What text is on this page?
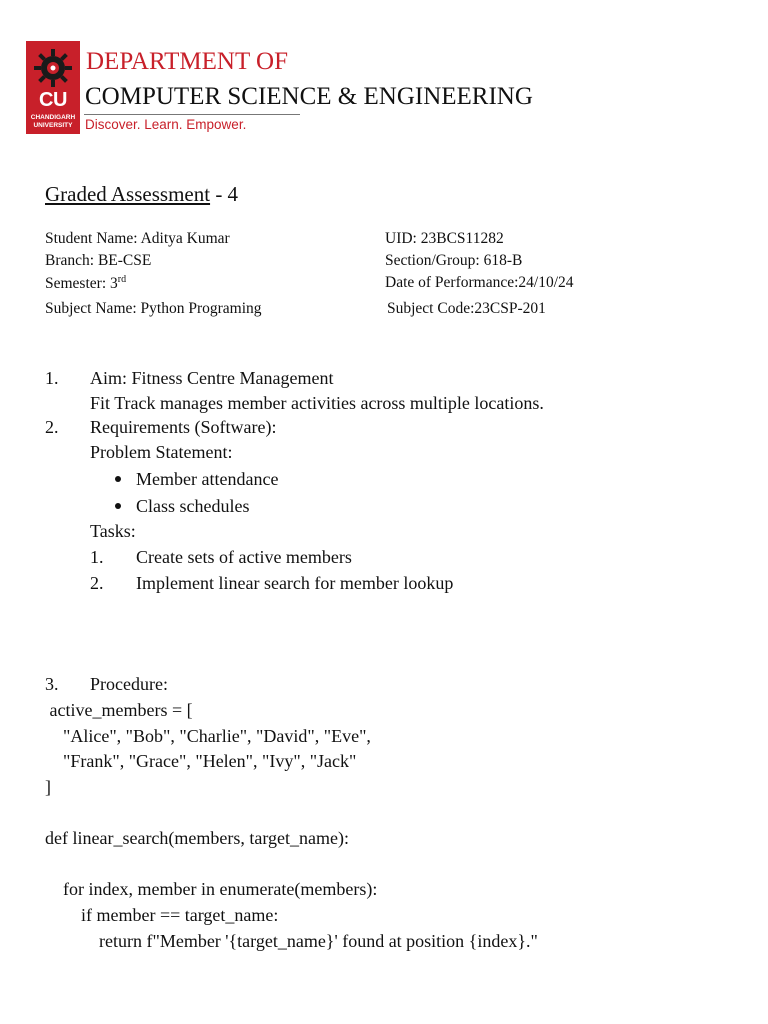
CU
CHANDIGARH
UNIVERSITY
DEPARTMENT OF
COMPUTER SCIENCE & ENGINEERING
Discover. Learn. Empower.
Graded Assessment - 4
Student Name: Aditya Kumar	UID: 23BCS11282
Branch: BE-CSE	Section/Group: 618-B
Semester: 3rd	Date of Performance:24/10/24
Subject Name: Python Programing	Subject Code:23CSP-201
1. Aim: Fitness Centre Management
Fit Track manages member activities across multiple locations.
2. Requirements (Software):
Problem Statement:
Member attendance
Class schedules
Tasks:
1. Create sets of active members
2. Implement linear search for member lookup
3. Procedure:
active_members = [
"Alice", "Bob", "Charlie", "David", "Eve",
"Frank", "Grace", "Helen", "Ivy", "Jack"
]
def linear_search(members, target_name):
for index, member in enumerate(members):
if member == target_name:
return f"Member '{target_name}' found at position {index}."
